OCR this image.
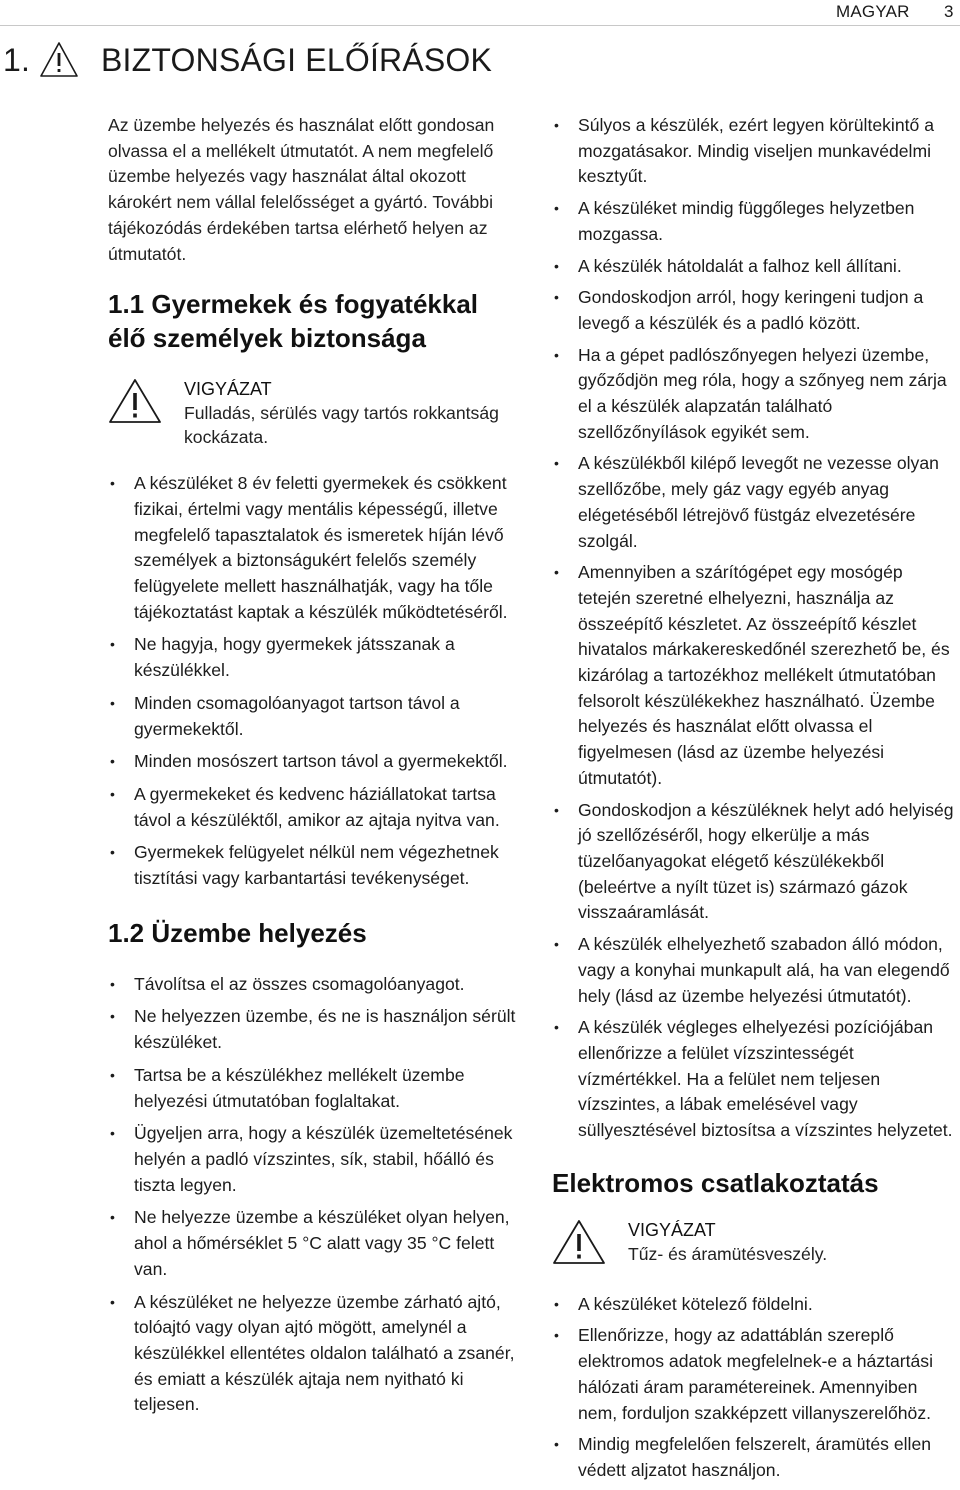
MAGYAR 3
1. BIZTONSÁGI ELŐÍRÁSOK

Az üzembe helyezés és használat előtt gondosan olvassa el a mellékelt útmutatót. A nem megfelelő üzembe helyezés vagy használat által okozott károkért nem vállal felelősséget a gyártó. További tájékozódás érdekében tartsa elérhető helyen az útmutatót.

1.1 Gyermekek és fogyatékkal élő személyek biztonsága
VIGYÁZAT
Fulladás, sérülés vagy tartós rokkantság kockázata.
• A készüléket 8 év feletti gyermekek és csökkent fizikai, értelmi vagy mentális képességű, illetve megfelelő tapasztalatok és ismeretek híján lévő személyek a biztonságukért felelős személy felügyelete mellett használhatják, vagy ha tőle tájékoztatást kaptak a készülék működtetéséről.
• Ne hagyja, hogy gyermekek játsszanak a készülékkel.
• Minden csomagolóanyagot tartson távol a gyermekektől.
• Minden mosószert tartson távol a gyermekektől.
• A gyermekeket és kedvenc háziállatokat tartsa távol a készüléktől, amikor az ajtaja nyitva van.
• Gyermekek felügyelet nélkül nem végezhetnek tisztítási vagy karbantartási tevékenységet.
1.2 Üzembe helyezés
• Távolítsa el az összes csomagolóanyagot.
• Ne helyezzen üzembe, és ne is használjon sérült készüléket.
• Tartsa be a készülékhez mellékelt üzembe helyezési útmutatóban foglaltakat.
• Ügyeljen arra, hogy a készülék üzemeltetésének helyén a padló vízszintes, sík, stabil, hőálló és tiszta legyen.
• Ne helyezze üzembe a készüléket olyan helyen, ahol a hőmérséklet 5 °C alatt vagy 35 °C felett van.
• A készüléket ne helyezze üzembe zárható ajtó, tolóajtó vagy olyan ajtó mögött, amelynél a készülékkel ellentétes oldalon található a zsanér, és emiatt a készülék ajtaja nem nyitható ki teljesen.
• Súlyos a készülék, ezért legyen körültekintő a mozgatásakor. Mindig viseljen munkavédelmi kesztyűt.
• A készüléket mindig függőleges helyzetben mozgassa.
• A készülék hátoldalát a falhoz kell állítani.
• Gondoskodjon arról, hogy keringeni tudjon a levegő a készülék és a padló között.
• Ha a gépet padlószőnyegen helyezi üzembe, győződjön meg róla, hogy a szőnyeg nem zárja el a készülék alapzatán található szellőzőnyílások egyikét sem.
• A készülékből kilépő levegőt ne vezesse olyan szellőzőbe, mely gáz vagy egyéb anyag elégetéséből létrejövő füstgáz elvezetésére szolgál.
• Amennyiben a szárítógépet egy mosógép tetején szeretné elhelyezni, használja az összeépítő készletet. Az összeépítő készlet hivatalos márkakereskedőnél szerezhető be, és kizárólag a tartozékhoz mellékelt útmutatóban felsorolt készülékekhez használható. Üzembe helyezés és használat előtt olvassa el figyelmesen (lásd az üzembe helyezési útmutatót).
• Gondoskodjon a készüléknek helyt adó helyiség jó szellőzéséről, hogy elkerülje a más tüzelőanyagokat elégető készülékekből (beleértve a nyílt tüzet is) származó gázok visszaáramlását.
• A készülék elhelyezhető szabadon álló módon, vagy a konyhai munkapult alá, ha van elegendő hely (lásd az üzembe helyezési útmutatót).
• A készülék végleges elhelyezési pozíciójában ellenőrizze a felület vízszintességét vízmértékkel. Ha a felület nem teljesen vízszintes, a lábak emelésével vagy süllyesztésével biztosítsa a vízszintes helyzetet.
Elektromos csatlakoztatás
VIGYÁZAT
Tűz- és áramütésveszély.
• A készüléket kötelező földelni.
• Ellenőrizze, hogy az adattáblán szereplő elektromos adatok megfelelnek-e a háztartási hálózati áram paramétereinek. Amennyiben nem, forduljon szakképzett villanyszerelőhöz.
• Mindig megfelelően felszerelt, áramütés ellen védett aljzatot használjon.
